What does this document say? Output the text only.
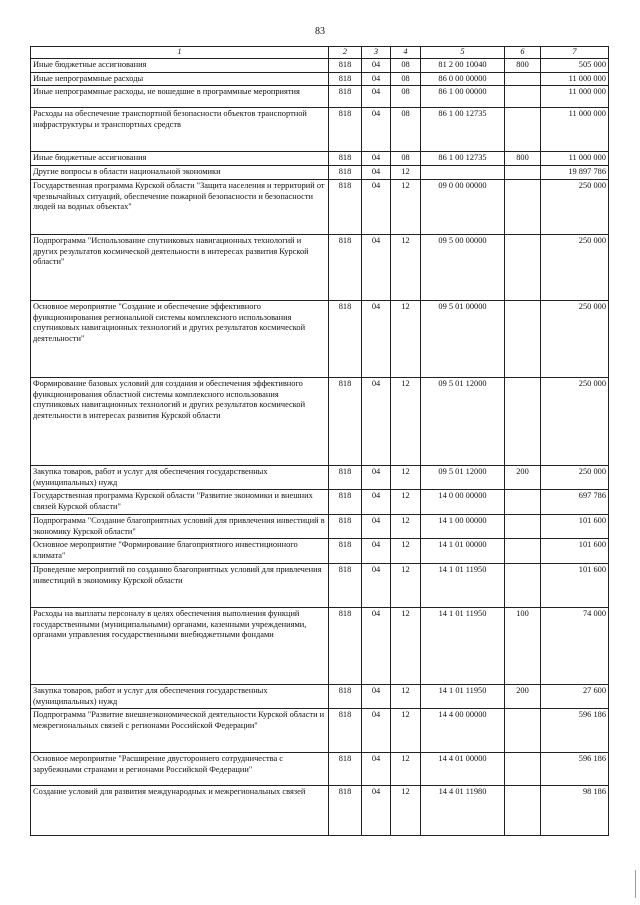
83
1	2	3	4	5	6	7
Иные бюджетные ассигнования	818	04	08	81 2 00 10040	800	505 000
Иные непрограммные расходы	818	04	08	86 0 00 00000		11 000 000
Иные непрограммные расходы, не вошедшие в программные мероприятия	818	04	08	86 1 00 00000		11 000 000
Расходы на обеспечение транспортной безопасности объектов транспортной инфраструктуры и транспортных средств	818	04	08	86 1 00 12735		11 000 000
Иные бюджетные ассигнования	818	04	08	86 1 00 12735	800	11 000 000
Другие вопросы в области национальной экономики	818	04	12			19 897 786
Государственная программа Курской области "Защита населения и территорий от чрезвычайных ситуаций, обеспечение пожарной безопасности и безопасности людей на водных объектах"	818	04	12	09 0 00 00000		250 000
Подпрограмма "Использование спутниковых навигационных технологий и других результатов космической деятельности в интересах развития Курской области"	818	04	12	09 5 00 00000		250 000
Основное мероприятие "Создание и обеспечение эффективного функционирования региональной системы комплексного использования спутниковых навигационных технологий и других результатов космической деятельности"	818	04	12	09 5 01 00000		250 000
Формирование базовых условий для создания и обеспечения эффективного функционирования областной системы комплексного использования спутниковых навигационных технологий и других результатов космической деятельности в интересах развития Курской области	818	04	12	09 5 01 12000		250 000
Закупка товаров, работ и услуг для обеспечения государственных (муниципальных) нужд	818	04	12	09 5 01 12000	200	250 000
Государственная программа Курской области "Развитие экономики и внешних связей Курской области"	818	04	12	14 0 00 00000		697 786
Подпрограмма "Создание благоприятных условий для привлечения инвестиций в экономику Курской области"	818	04	12	14 1 00 00000		101 600
Основное мероприятие "Формирование благоприятного инвестиционного климата"	818	04	12	14 1 01 00000		101 600
Проведение мероприятий по созданию благоприятных условий для привлечения инвестиций в экономику Курской области	818	04	12	14 1 01 11950		101 600
Расходы на выплаты персоналу в целях обеспечения выполнения функций государственными (муниципальными) органами, казенными учреждениями, органами управления государственными внебюджетными фондами	818	04	12	14 1 01 11950	100	74 000
Закупка товаров, работ и услуг для обеспечения государственных (муниципальных) нужд	818	04	12	14 1 01 11950	200	27 600
Подпрограмма "Развитие внешнеэкономической деятельности Курской области и межрегиональных связей с регионами Российской Федерации"	818	04	12	14 4 00 00000		596 186
Основное мероприятие "Расширение двустороннего сотрудничества с зарубежными странами и регионами Российской Федерации"	818	04	12	14 4 01 00000		596 186
Создание условий для развития международных и межрегиональных связей	818	04	12	14 4 01 11980		98 186
